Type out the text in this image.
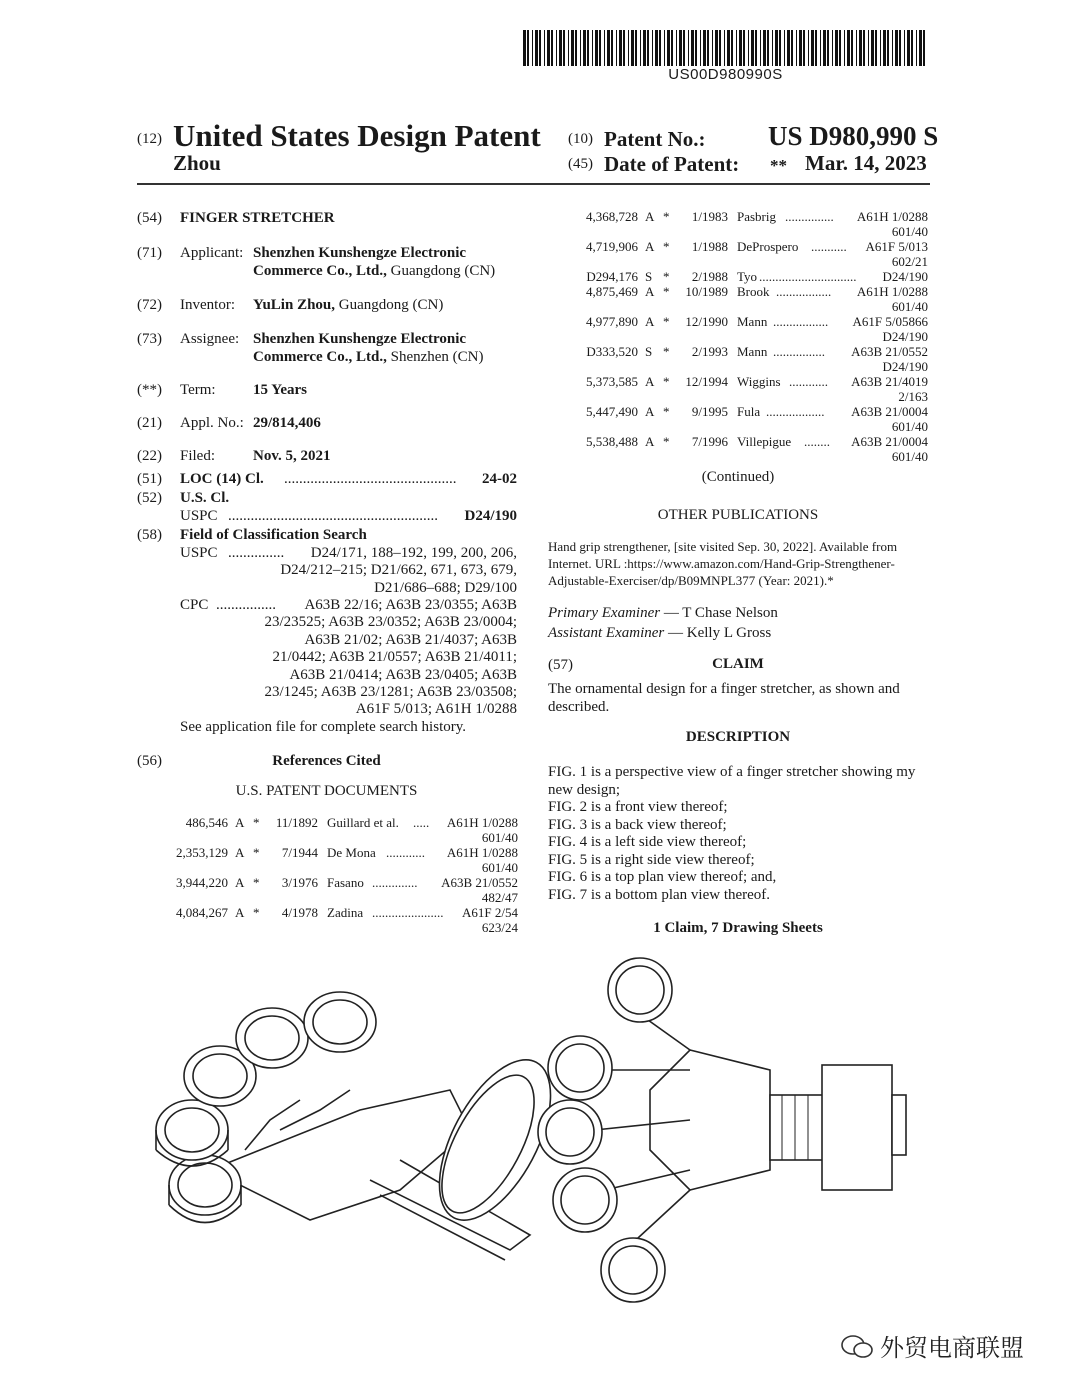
US00D980990S
(12) United States Design Patent
Zhou
(10) Patent No.: US D980,990 S
(45) Date of Patent: ** Mar. 14, 2023
(54) FINGER STRETCHER
(71) Applicant: Shenzhen Kunshengze Electronic
Commerce Co., Ltd., Guangdong (CN)
(72) Inventor: YuLin Zhou, Guangdong (CN)
(73) Assignee: Shenzhen Kunshengze Electronic
Commerce Co., Ltd., Shenzhen (CN)
(**) Term: 15 Years
(21) Appl. No.: 29/814,406
(22) Filed:	Nov. 5, 2021
(51) LOC (14) Cl. ..............................................	24-02
(52) U.S. Cl.
USPC ........................................................	D24/190
(58) Field of Classification Search
USPC ...............	D24/171, 188–192, 199, 200, 206,
D24/212–215; D21/662, 671, 673, 679,
D21/686–688; D29/100
CPC ................	A63B 22/16; A63B 23/0355; A63B
23/23525; A63B 23/0352; A63B 23/0004;
A63B 21/02; A63B 21/4037; A63B
21/0442; A63B 21/0557; A63B 21/4011;
A63B 21/0414; A63B 23/0405; A63B
23/1245; A63B 23/1281; A63B 23/03508;
A61F 5/013; A61H 1/0288
See application file for complete search history.
(56)	References Cited
U.S. PATENT DOCUMENTS
486,546 A *	11/1892 Guillard et al. .....	A61H 1/0288
601/40
2,353,129 A *	7/1944 De Mona ............	A61H 1/0288
601/40
3,944,220 A *	3/1976 Fasano ..............	A63B 21/0552
482/47
4,084,267 A *	4/1978 Zadina ......................	A61F 2/54
623/24
4,368,728 A *	1/1983 Pasbrig ...............	A61H 1/0288
601/40
4,719,906 A *	1/1988 DeProspero ...........	A61F 5/013
602/21
D294,176 S *	2/1988 Tyo ..............................	D24/190
4,875,469 A *	10/1989 Brook .................	A61H 1/0288
601/40
4,977,890 A *	12/1990 Mann .................	A61F 5/05866
D24/190
D333,520 S *	2/1993 Mann ................	A63B 21/0552
D24/190
5,373,585 A *	12/1994 Wiggins ............	A63B 21/4019
2/163
5,447,490 A *	9/1995 Fula ..................	A63B 21/0004
601/40
5,538,488 A *	7/1996 Villepigue ........	A63B 21/0004
601/40
(Continued)
OTHER PUBLICATIONS
Hand grip strengthener, [site visited Sep. 30, 2022]. Available from
Internet. URL :https://www.amazon.com/Hand-Grip-Strengthener-
Adjustable-Exerciser/dp/B09MNPL377 (Year: 2021).*
Primary Examiner — T Chase Nelson
Assistant Examiner — Kelly L Gross
(57)	CLAIM
The ornamental design for a finger stretcher, as shown and
described.
DESCRIPTION
FIG. 1 is a perspective view of a finger stretcher showing my
new design;
FIG. 2 is a front view thereof;
FIG. 3 is a back view thereof;
FIG. 4 is a left side view thereof;
FIG. 5 is a right side view thereof;
FIG. 6 is a top plan view thereof; and,
FIG. 7 is a bottom plan view thereof.
1 Claim, 7 Drawing Sheets
外贸电商联盟
